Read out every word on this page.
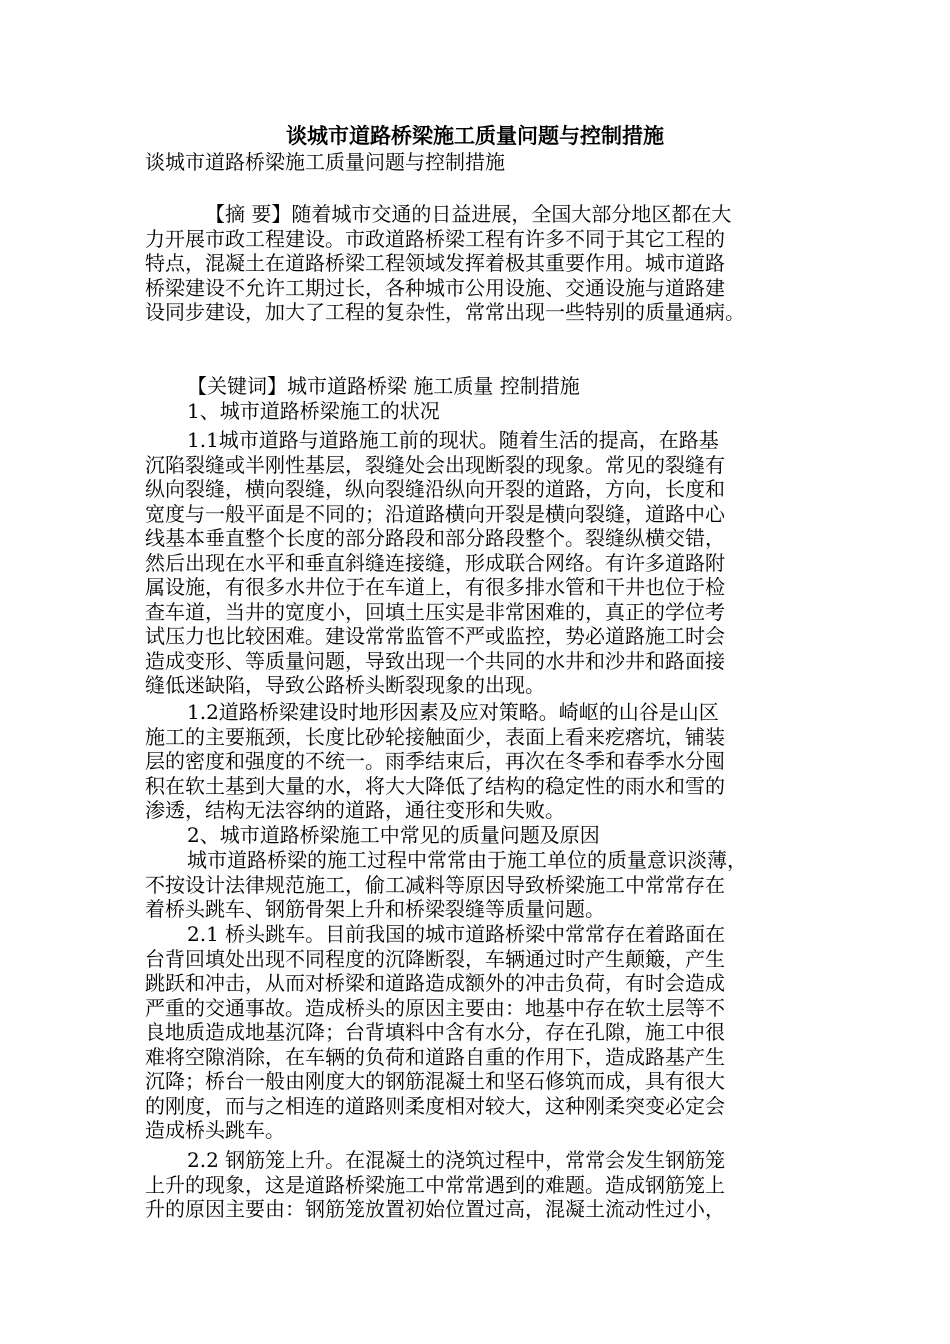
谈城市道路桥梁施工质量问题与控制措施
谈城市道路桥梁施工质量问题与控制措施
【摘 要】随着城市交通的日益进展，全国大部分地区都在大
力开展市政工程建设。市政道路桥梁工程有许多不同于其它工程的
特点，混凝土在道路桥梁工程领域发挥着极其重要作用。城市道路
桥梁建设不允许工期过长，各种城市公用设施、交通设施与道路建
设同步建设，加大了工程的复杂性，常常出现一些特别的质量通病。
【关键词】城市道路桥梁 施工质量 控制措施
1、城市道路桥梁施工的状况
1.1城市道路与道路施工前的现状。随着生活的提高，在路基
沉陷裂缝或半刚性基层，裂缝处会出现断裂的现象。常见的裂缝有
纵向裂缝，横向裂缝，纵向裂缝沿纵向开裂的道路，方向，长度和
宽度与一般平面是不同的；沿道路横向开裂是横向裂缝，道路中心
线基本垂直整个长度的部分路段和部分路段整个。裂缝纵横交错，
然后出现在水平和垂直斜缝连接缝，形成联合网络。有许多道路附
属设施，有很多水井位于在车道上，有很多排水管和干井也位于检
查车道，当井的宽度小，回填土压实是非常困难的，真正的学位考
试压力也比较困难。建设常常监管不严或监控，势必道路施工时会
造成变形、等质量问题，导致出现一个共同的水井和沙井和路面接
缝低迷缺陷，导致公路桥头断裂现象的出现。
1.2道路桥梁建设时地形因素及应对策略。崎岖的山谷是山区
施工的主要瓶颈，长度比砂轮接触面少，表面上看来疙瘩坑，铺装
层的密度和强度的不统一。雨季结束后，再次在冬季和春季水分囤
积在软土基到大量的水，将大大降低了结构的稳定性的雨水和雪的
渗透，结构无法容纳的道路，通往变形和失败。
2、城市道路桥梁施工中常见的质量问题及原因
城市道路桥梁的施工过程中常常由于施工单位的质量意识淡薄，
不按设计法律规范施工，偷工减料等原因导致桥梁施工中常常存在
着桥头跳车、钢筋骨架上升和桥梁裂缝等质量问题。
2.1 桥头跳车。目前我国的城市道路桥梁中常常存在着路面在
台背回填处出现不同程度的沉降断裂，车辆通过时产生颠簸，产生
跳跃和冲击，从而对桥梁和道路造成额外的冲击负荷，有时会造成
严重的交通事故。造成桥头的原因主要由：地基中存在软土层等不
良地质造成地基沉降；台背填料中含有水分，存在孔隙，施工中很
难将空隙消除，在车辆的负荷和道路自重的作用下，造成路基产生
沉降；桥台一般由刚度大的钢筋混凝土和坚石修筑而成，具有很大
的刚度，而与之相连的道路则柔度相对较大，这种刚柔突变必定会
造成桥头跳车。
2.2 钢筋笼上升。在混凝土的浇筑过程中，常常会发生钢筋笼
上升的现象，这是道路桥梁施工中常常遇到的难题。造成钢筋笼上
升的原因主要由：钢筋笼放置初始位置过高，混凝土流动性过小，
